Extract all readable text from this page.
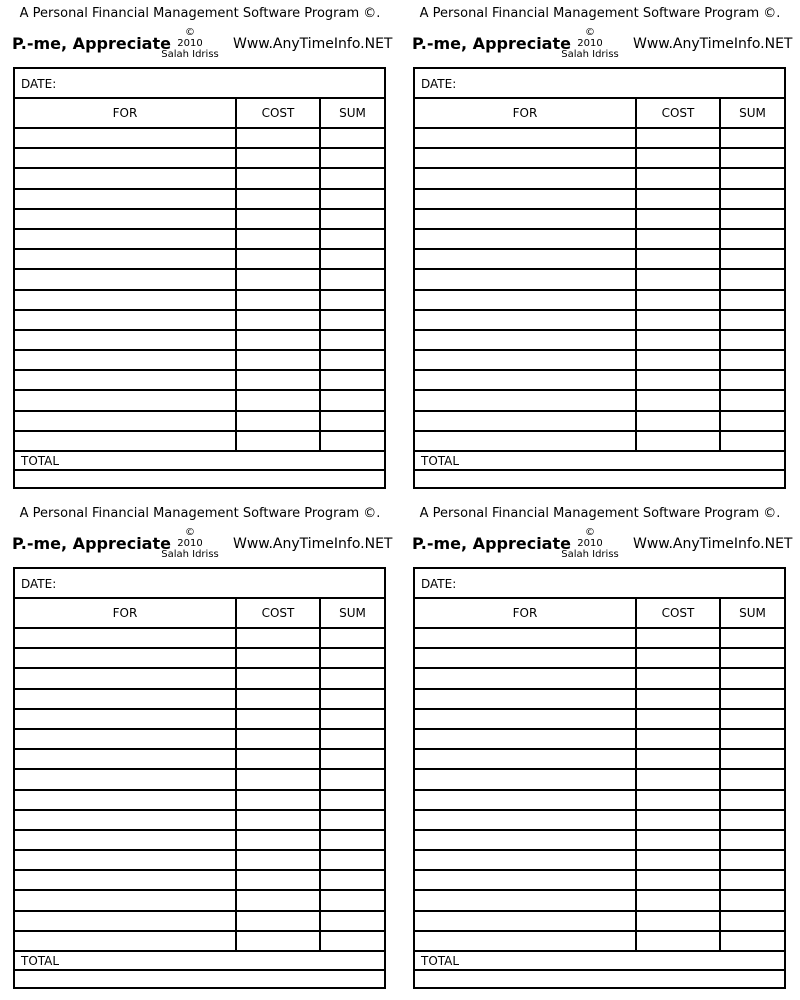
A Personal Financial Management Software Program ©.
P.-me, Appreciate
©
2010
Salah Idriss
Www.AnyTimeInfo.NET
DATE:
FOR	COST	SUM
TOTAL
A Personal Financial Management Software Program ©.
P.-me, Appreciate
©
2010
Salah Idriss
Www.AnyTimeInfo.NET
DATE:
FOR	COST	SUM
TOTAL
A Personal Financial Management Software Program ©.
P.-me, Appreciate
©
2010
Salah Idriss
Www.AnyTimeInfo.NET
DATE:
FOR	COST	SUM
TOTAL
A Personal Financial Management Software Program ©.
P.-me, Appreciate
©
2010
Salah Idriss
Www.AnyTimeInfo.NET
DATE:
FOR	COST	SUM
TOTAL
